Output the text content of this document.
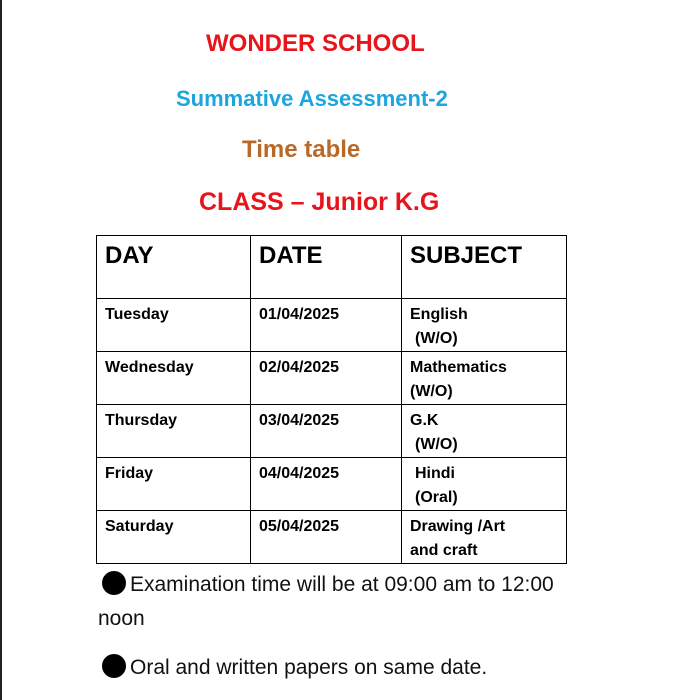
WONDER SCHOOL
Summative Assessment-2
Time table
CLASS – Junior K.G
DAY	DATE	SUBJECT
Tuesday	01/04/2025	English
(W/O)

Wednesday	02/04/2025	Mathematics
(W/O)

Thursday	03/04/2025	G.K
(W/O)

Friday	04/04/2025	Hindi
(Oral)

Saturday	05/04/2025	Drawing /Art
and craft
Examination time will be at 09:00 am to 12:00 noon
Oral and written papers on same date.
